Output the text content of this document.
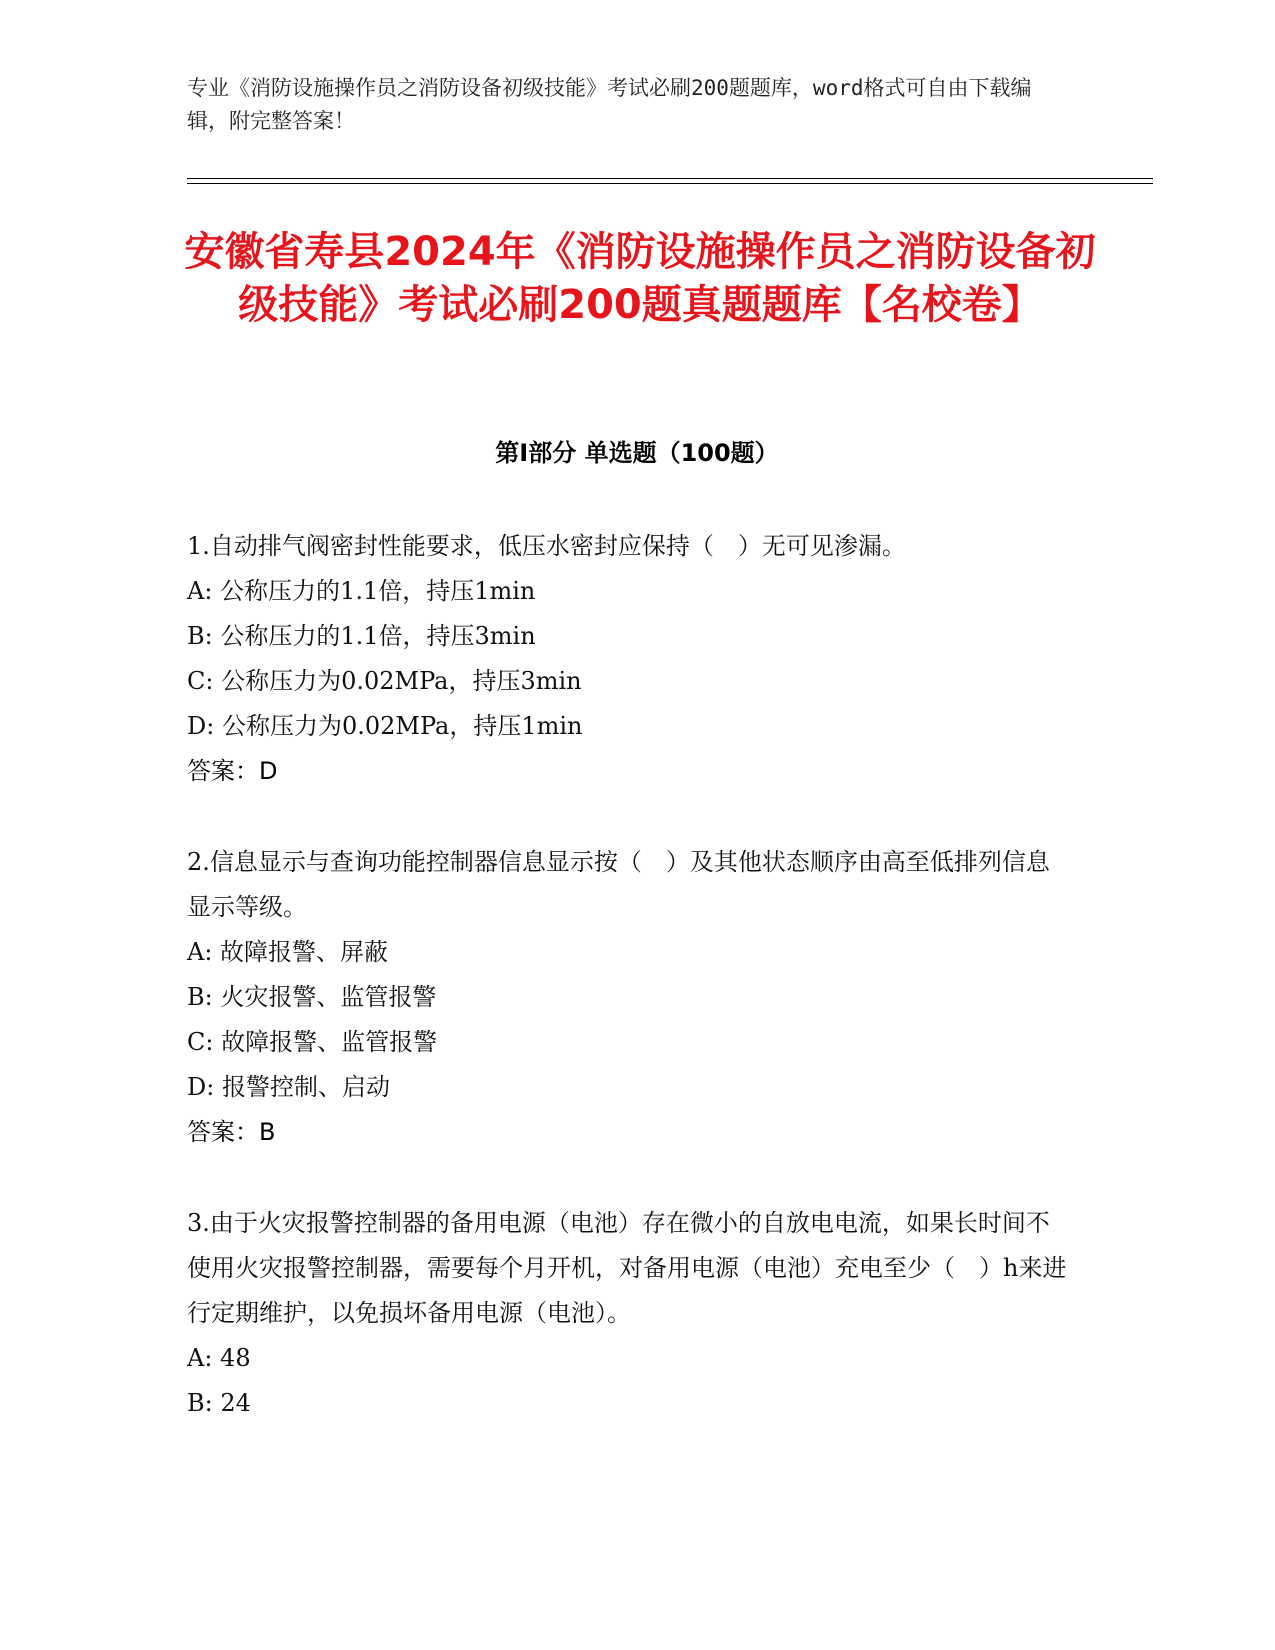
专业《消防设施操作员之消防设备初级技能》考试必刷200题题库，word格式可自由下载编辑，附完整答案！
安徽省寿县2024年《消防设施操作员之消防设备初级技能》考试必刷200题真题题库【名校卷】
第I部分 单选题（100题）
1.自动排气阀密封性能要求，低压水密封应保持（　）无可见渗漏。
A: 公称压力的1.1倍，持压1min
B: 公称压力的1.1倍，持压3min
C: 公称压力为0.02MPa，持压3min
D: 公称压力为0.02MPa，持压1min
答案：D
2.信息显示与查询功能控制器信息显示按（　）及其他状态顺序由高至低排列信息显示等级。
A: 故障报警、屏蔽
B: 火灾报警、监管报警
C: 故障报警、监管报警
D: 报警控制、启动
答案：B
3.由于火灾报警控制器的备用电源（电池）存在微小的自放电电流，如果长时间不使用火灾报警控制器，需要每个月开机，对备用电源（电池）充电至少（　）h来进行定期维护，以免损坏备用电源（电池）。
A: 48
B: 24
